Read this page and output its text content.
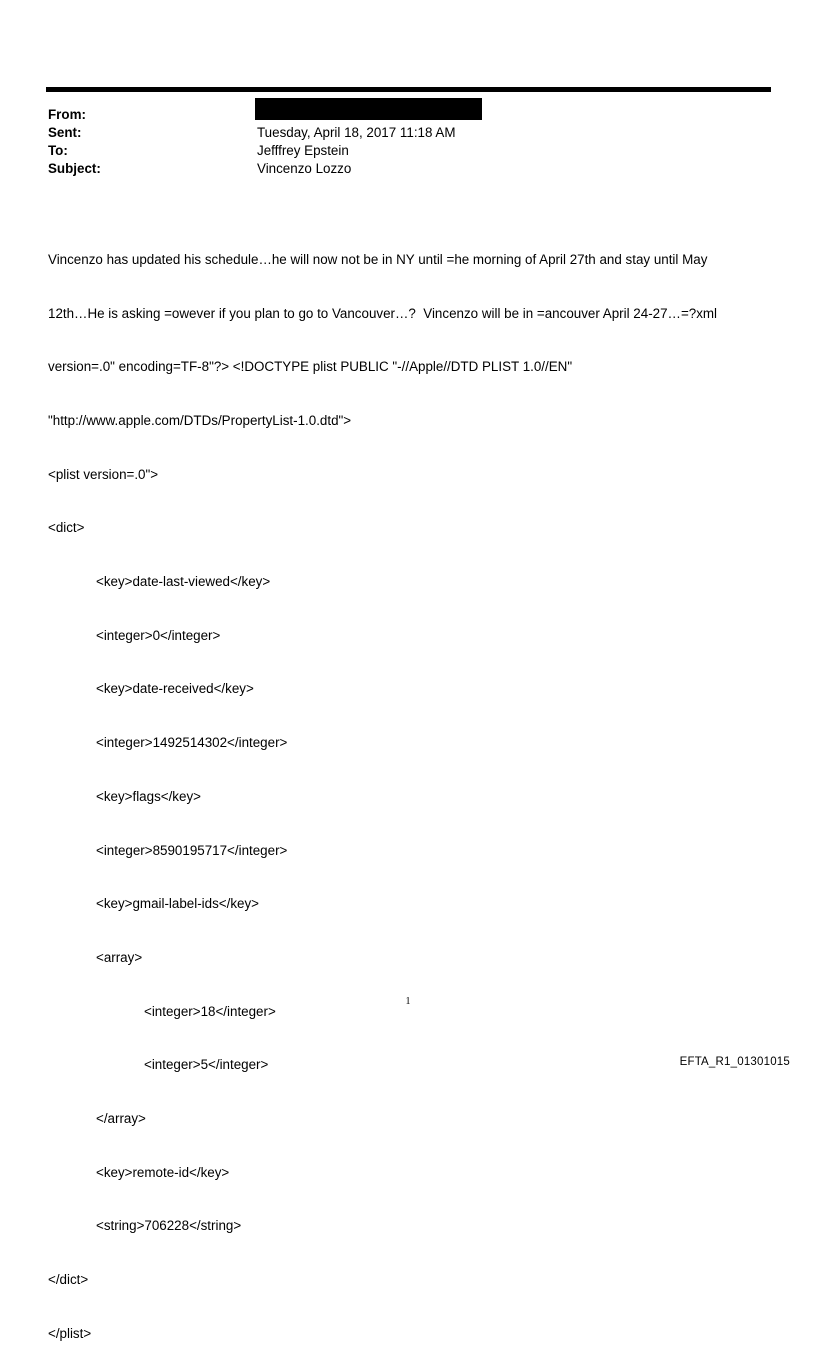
From:
Sent:	Tuesday, April 18, 2017 11:18 AM
To:	Jefffrey Epstein
Subject:	Vincenzo Lozzo

Vincenzo has updated his schedule…he will now not be in NY until =he morning of April 27th and stay until May

12th…He is asking =owever if you plan to go to Vancouver…?  Vincenzo will be in =ancouver April 24-27…=?xml

version=.0" encoding=TF-8"?> <!DOCTYPE plist PUBLIC "-//Apple//DTD PLIST 1.0//EN"

"http://www.apple.com/DTDs/PropertyList-1.0.dtd">

<plist version=.0">

<dict>

	<key>date-last-viewed</key>

	<integer>0</integer>

	<key>date-received</key>

	<integer>1492514302</integer>

	<key>flags</key>

	<integer>8590195717</integer>

	<key>gmail-label-ids</key>

	<array>

		<integer>18</integer>

		<integer>5</integer>

	</array>

	<key>remote-id</key>

	<string>706228</string>

</dict>

</plist>

1
EFTA_R1_01301015
